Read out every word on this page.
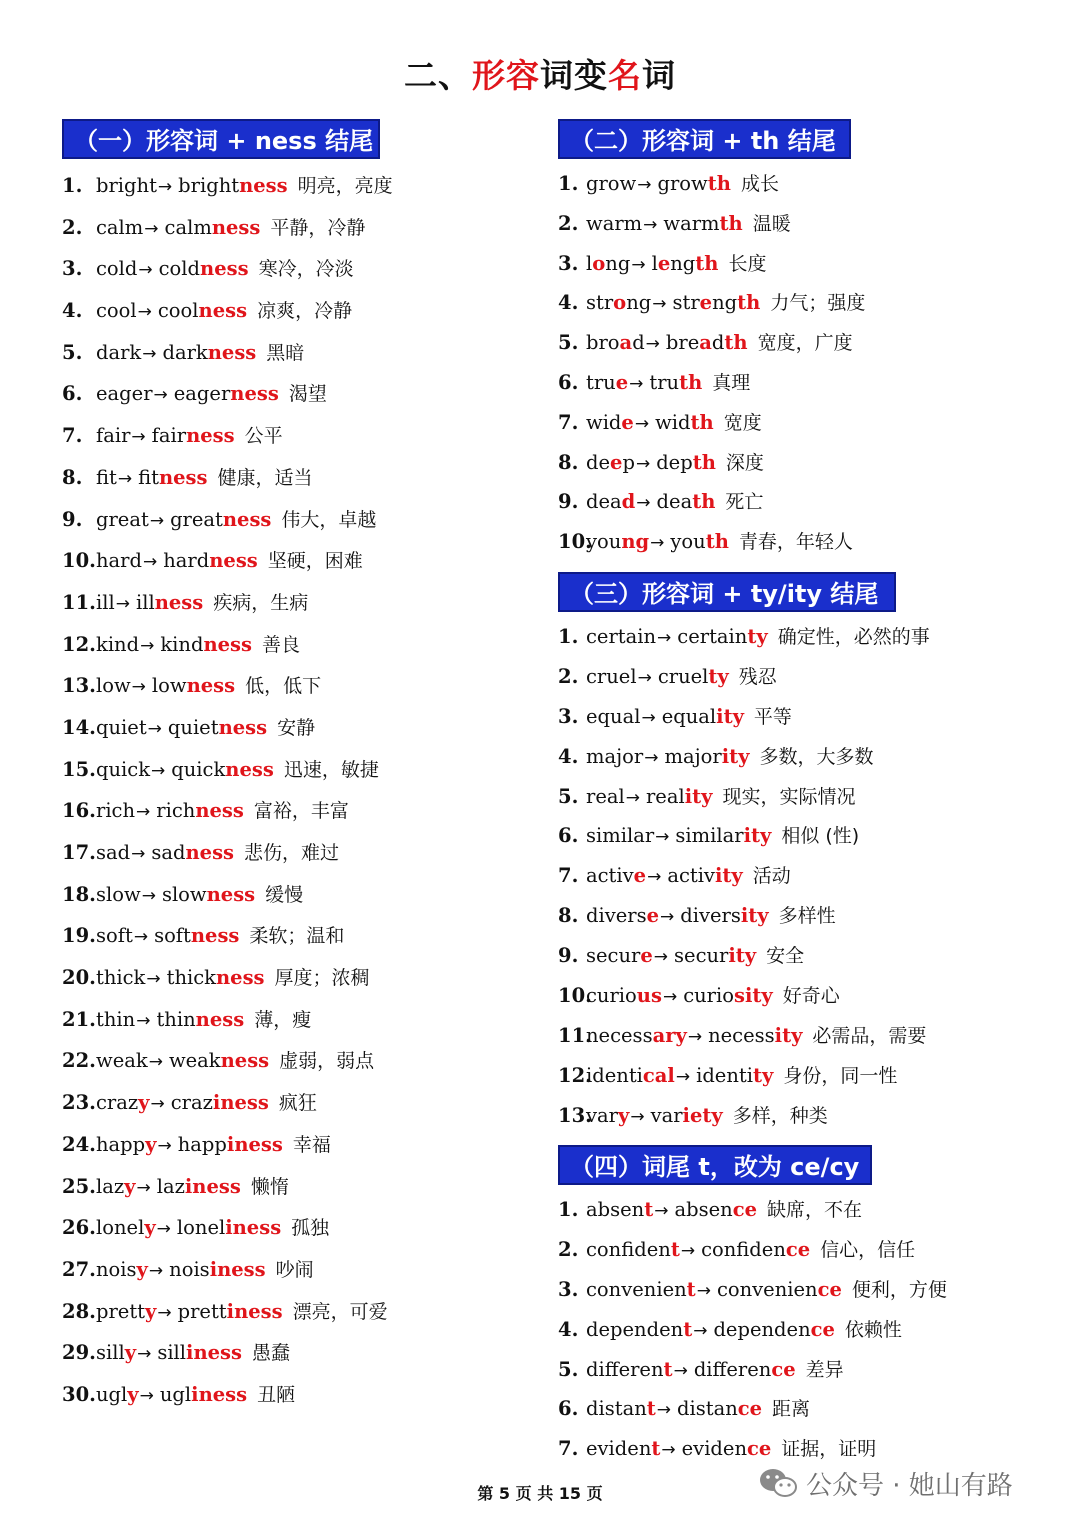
二、形容词变名词
（一）形容词 + ness 结尾
1. bright→ brightness 明亮，亮度
2. calm→ calmness 平静，冷静
3. cold→ coldness 寒冷，冷淡
4. cool→ coolness 凉爽，冷静
5. dark→ darkness 黑暗
6. eager→ eagerness 渴望
7. fair→ fairness 公平
8. fit→ fitness 健康，适当
9. great→ greatness 伟大，卓越
10.hard→ hardness 坚硬，困难
11.ill→ illness 疾病，生病
12.kind→ kindness 善良
13.low→ lowness 低，低下
14.quiet→ quietness 安静
15.quick→ quickness 迅速，敏捷
16.rich→ richness 富裕，丰富
17.sad→ sadness 悲伤，难过
18.slow→ slowness 缓慢
19.soft→ softness 柔软；温和
20.thick→ thickness 厚度；浓稠
21.thin→ thinness 薄，瘦
22.weak→ weakness 虚弱，弱点
23.crazy→ craziness 疯狂
24.happy→ happiness 幸福
25.lazy→ laziness 懒惰
26.lonely→ loneliness 孤独
27.noisy→ noisiness 吵闹
28.pretty→ prettiness 漂亮，可爱
29.silly→ silliness 愚蠢
30.ugly→ ugliness 丑陋
（二）形容词 + th 结尾
1. grow→ growth 成长
2. warm→ warmth 温暖
3. long→ length 长度
4. strong→ strength 力气；强度
5. broad→ breadth 宽度，广度
6. true→ truth 真理
7. wide→ width 宽度
8. deep→ depth 深度
9. dead→ death 死亡
10.young→ youth 青春，年轻人
（三）形容词 + ty/ity 结尾
1. certain→ certainty 确定性，必然的事
2. cruel→ cruelty 残忍
3. equal→ equality 平等
4. major→ majority 多数，大多数
5. real→ reality 现实，实际情况
6. similar→ similarity 相似 (性)
7. active→ activity 活动
8. diverse→ diversity 多样性
9. secure→ security 安全
10.curious→ curiosity 好奇心
11.necessary→ necessity 必需品，需要
12.identical→ identity 身份，同一性
13.vary→ variety 多样，种类
（四）词尾 t，改为 ce/cy
1. absent→ absence 缺席，不在
2. confident→ confidence 信心，信任
3. convenient→ convenience 便利，方便
4. dependent→ dependence 依赖性
5. different→ difference 差异
6. distant→ distance 距离
7. evident→ evidence 证据，证明
第 5 页 共 15 页	公众号 · 她山有路
